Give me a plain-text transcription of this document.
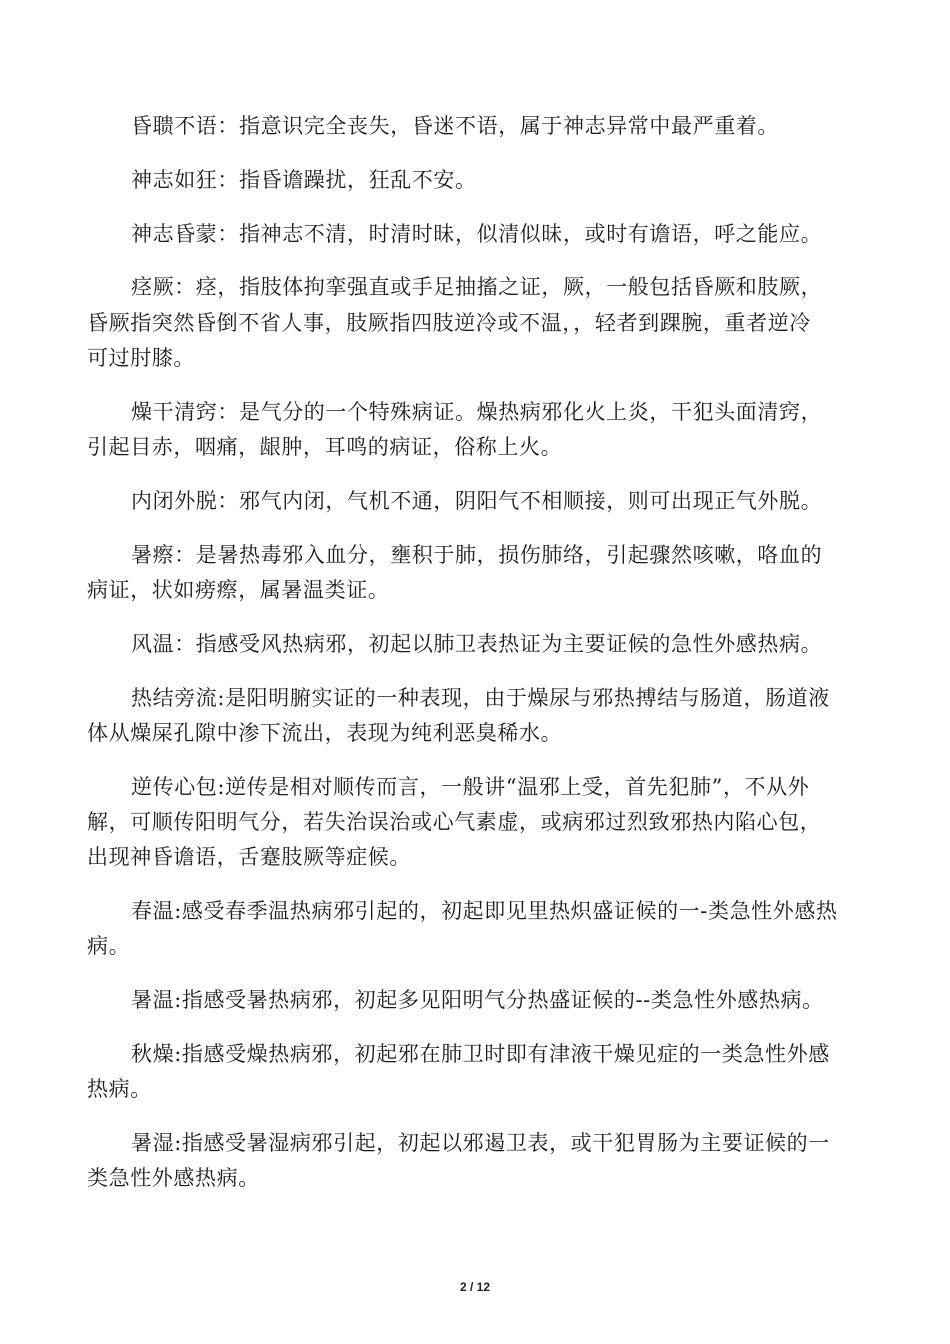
昏聩不语：指意识完全丧失，昏迷不语，属于神志异常中最严重着。
神志如狂：指昏谵躁扰，狂乱不安。
神志昏蒙：指神志不清，时清时昧，似清似昧，或时有谵语，呼之能应。
痉厥：痉，指肢体拘挛强直或手足抽搐之证，厥，一般包括昏厥和肢厥，
昏厥指突然昏倒不省人事，肢厥指四肢逆冷或不温，，轻者到踝腕，重者逆冷
可过肘膝。
燥干清窍：是气分的一个特殊病证。燥热病邪化火上炎，干犯头面清窍，
引起目赤，咽痛，龈肿，耳鸣的病证，俗称上火。
内闭外脱：邪气内闭，气机不通，阴阳气不相顺接，则可出现正气外脱。
暑瘵：是暑热毒邪入血分，壅积于肺，损伤肺络，引起骤然咳嗽，咯血的
病证，状如痨瘵，属暑温类证。
风温：指感受风热病邪，初起以肺卫表热证为主要证候的急性外感热病。
热结旁流:是阳明腑实证的一种表现，由于燥尿与邪热搏结与肠道，肠道液
体从燥屎孔隙中渗下流出，表现为纯利恶臭稀水。
逆传心包:逆传是相对顺传而言，一般讲“温邪上受，首先犯肺”，不从外
解，可顺传阳明气分，若失治误治或心气素虚，或病邪过烈致邪热内陷心包，
出现神昏谵语，舌蹇肢厥等症候。
春温:感受春季温热病邪引起的，初起即见里热炽盛证候的一-类急性外感热
病。
暑温:指感受暑热病邪，初起多见阳明气分热盛证候的--类急性外感热病。
秋燥:指感受燥热病邪，初起邪在肺卫时即有津液干燥见症的一类急性外感
热病。
暑湿:指感受暑湿病邪引起，初起以邪遏卫表，或干犯胃肠为主要证候的一
类急性外感热病。
2 / 12
